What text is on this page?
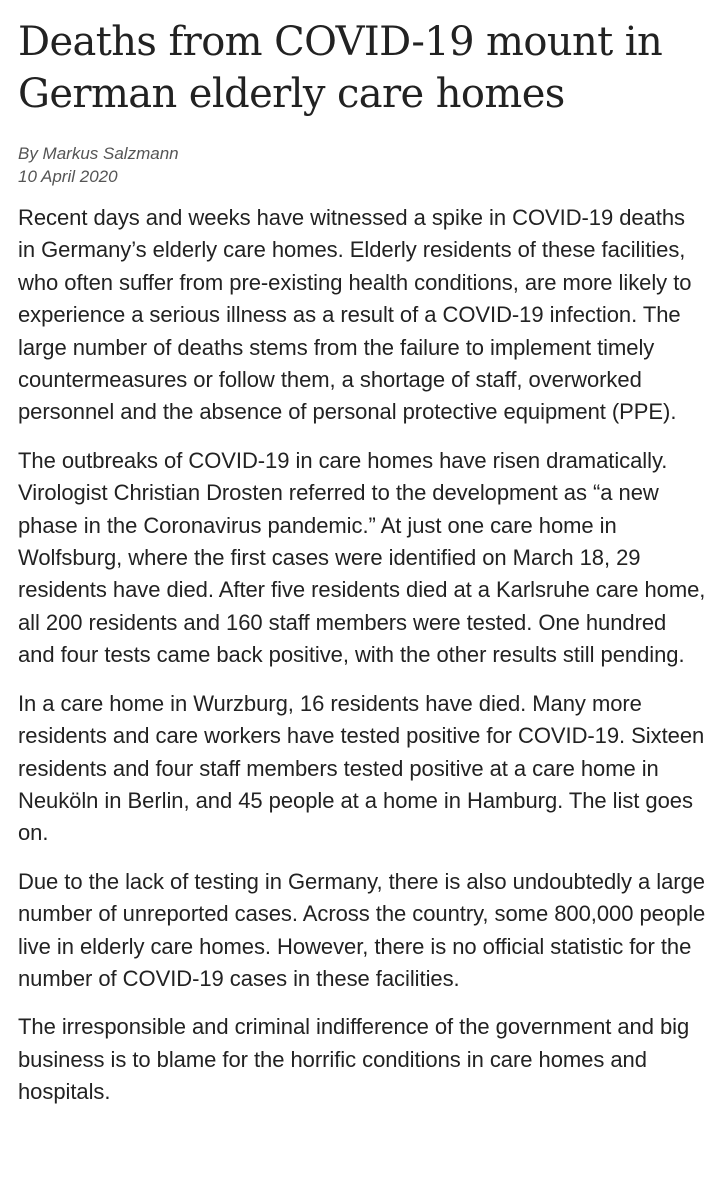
Deaths from COVID-19 mount in German elderly care homes
By Markus Salzmann
10 April 2020

Recent days and weeks have witnessed a spike in COVID-19 deaths in Germany’s elderly care homes. Elderly residents of these facilities, who often suffer from pre-existing health conditions, are more likely to experience a serious illness as a result of a COVID-19 infection. The large number of deaths stems from the failure to implement timely countermeasures or follow them, a shortage of staff, overworked personnel and the absence of personal protective equipment (PPE).

The outbreaks of COVID-19 in care homes have risen dramatically. Virologist Christian Drosten referred to the development as “a new phase in the Coronavirus pandemic.” At just one care home in Wolfsburg, where the first cases were identified on March 18, 29 residents have died. After five residents died at a Karlsruhe care home, all 200 residents and 160 staff members were tested. One hundred and four tests came back positive, with the other results still pending.

In a care home in Wurzburg, 16 residents have died. Many more residents and care workers have tested positive for COVID-19. Sixteen residents and four staff members tested positive at a care home in Neuköln in Berlin, and 45 people at a home in Hamburg. The list goes on.

Due to the lack of testing in Germany, there is also undoubtedly a large number of unreported cases. Across the country, some 800,000 people live in elderly care homes. However, there is no official statistic for the number of COVID-19 cases in these facilities.

The irresponsible and criminal indifference of the government and big business is to blame for the horrific conditions in care homes and hospitals.
